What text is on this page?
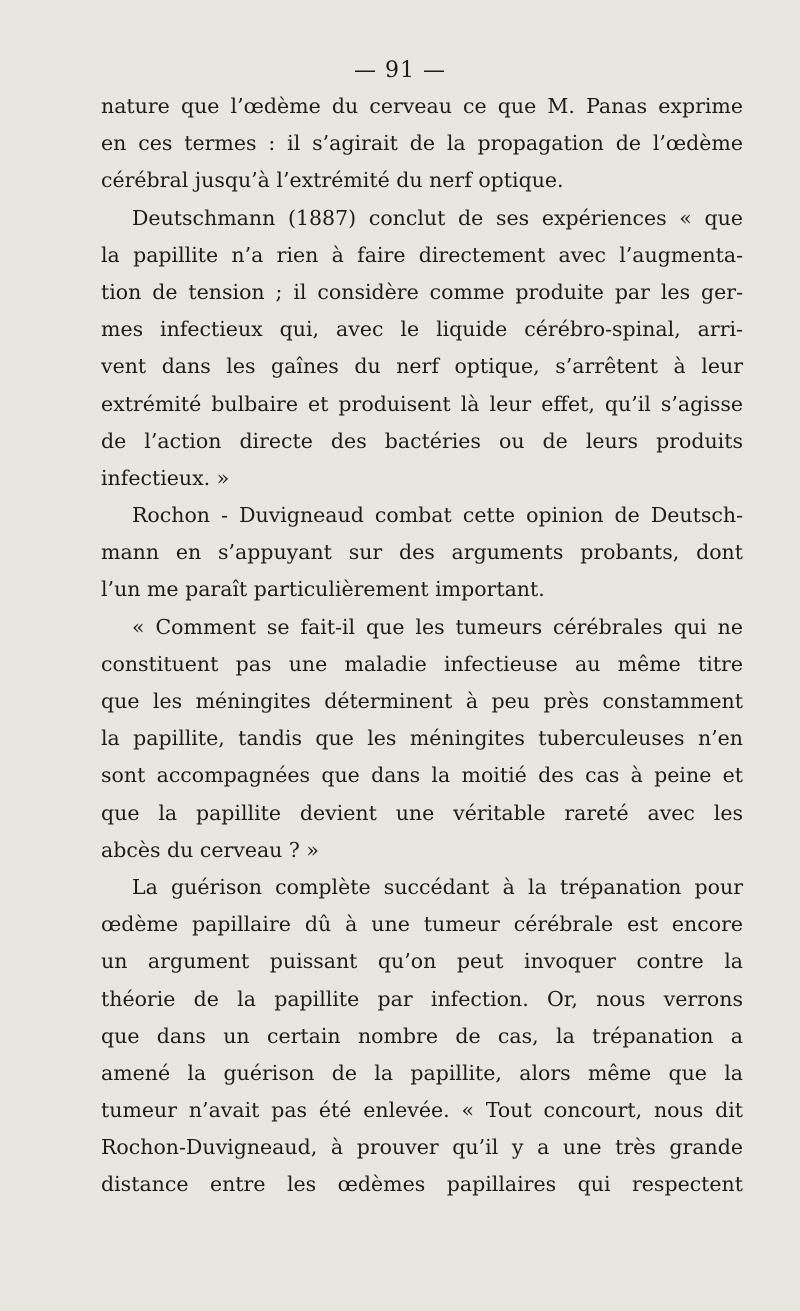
— 91 —
nature que l’œdème du cerveau ce que M. Panas exprime
en ces termes : il s’agirait de la propagation de l’œdème
cérébral jusqu’à l’extrémité du nerf optique.
Deutschmann (1887) conclut de ses expériences « que
la papillite n’a rien à faire directement avec l’augmenta-
tion de tension ; il considère comme produite par les ger-
mes infectieux qui, avec le liquide cérébro-spinal, arri-
vent dans les gaînes du nerf optique, s’arrêtent à leur
extrémité bulbaire et produisent là leur effet, qu’il s’agisse
de l’action directe des bactéries ou de leurs produits
infectieux. »
Rochon - Duvigneaud combat cette opinion de Deutsch-
mann en s’appuyant sur des arguments probants, dont
l’un me paraît particulièrement important.
« Comment se fait-il que les tumeurs cérébrales qui ne
constituent pas une maladie infectieuse au même titre
que les méningites déterminent à peu près constamment
la papillite, tandis que les méningites tuberculeuses n’en
sont accompagnées que dans la moitié des cas à peine et
que la papillite devient une véritable rareté avec les
abcès du cerveau ? »
La guérison complète succédant à la trépanation pour
œdème papillaire dû à une tumeur cérébrale est encore
un argument puissant qu’on peut invoquer contre la
théorie de la papillite par infection. Or, nous verrons
que dans un certain nombre de cas, la trépanation a
amené la guérison de la papillite, alors même que la
tumeur n’avait pas été enlevée. « Tout concourt, nous dit
Rochon-Duvigneaud, à prouver qu’il y a une très grande
distance entre les œdèmes papillaires qui respectent
